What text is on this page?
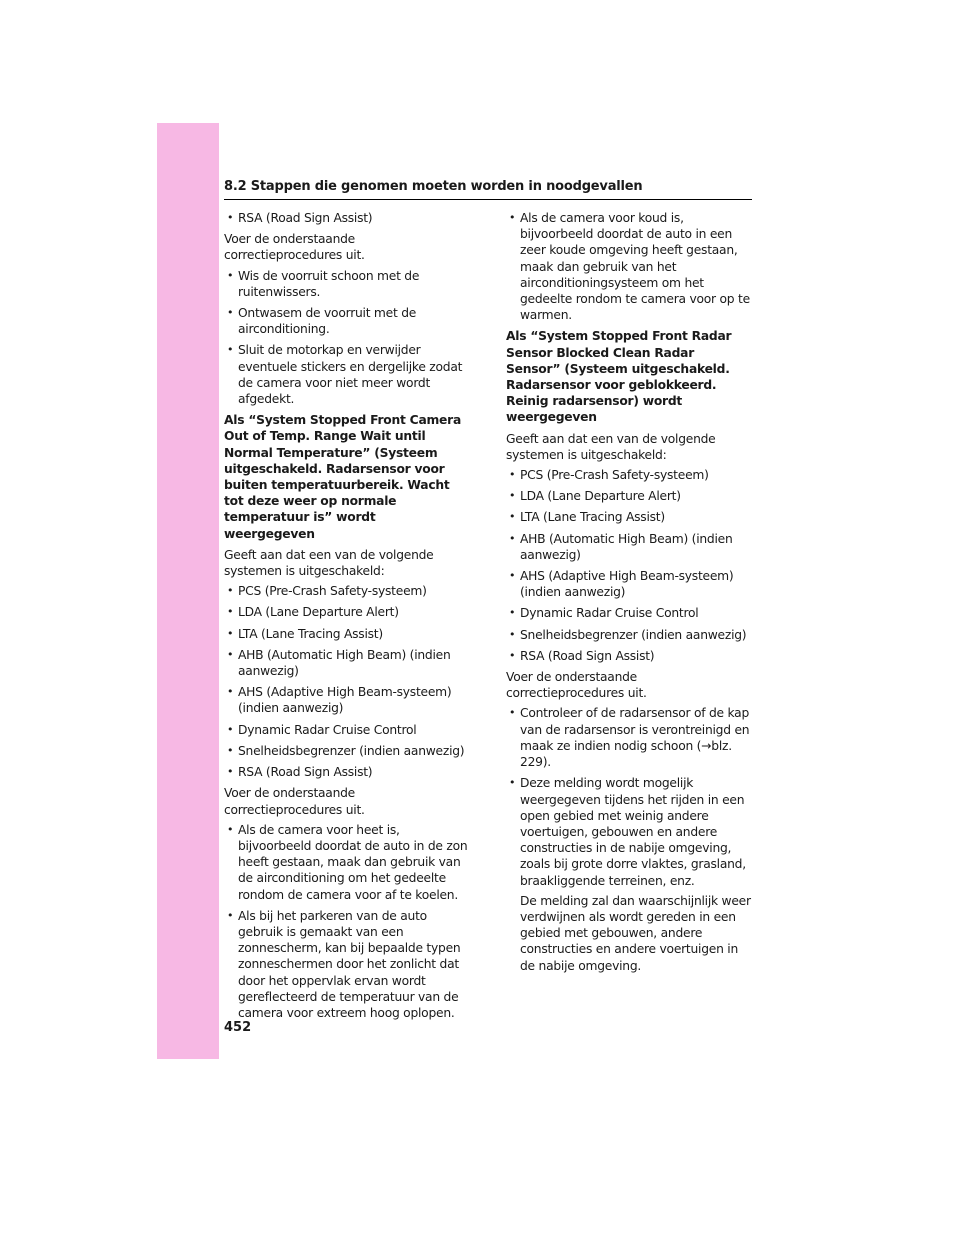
8.2 Stappen die genomen moeten worden in noodgevallen
• RSA (Road Sign Assist)

Voer de onderstaande correctieprocedures uit.

• Wis de voorruit schoon met de ruitenwissers.
• Ontwasem de voorruit met de airconditioning.
• Sluit de motorkap en verwijder eventuele stickers en dergelijke zodat de camera voor niet meer wordt afgedekt.
Als “System Stopped Front Camera Out of Temp. Range Wait until Normal Temperature” (Systeem uitgeschakeld. Radarsensor voor buiten temperatuurbereik. Wacht tot deze weer op normale temperatuur is” wordt weergegeven

Geeft aan dat een van de volgende systemen is uitgeschakeld:

• PCS (Pre-Crash Safety-systeem)
• LDA (Lane Departure Alert)
• LTA (Lane Tracing Assist)
• AHB (Automatic High Beam) (indien aanwezig)
• AHS (Adaptive High Beam-systeem) (indien aanwezig)
• Dynamic Radar Cruise Control
• Snelheidsbegrenzer (indien aanwezig)
• RSA (Road Sign Assist)

Voer de onderstaande correctieprocedures uit.

• Als de camera voor heet is, bijvoorbeeld doordat de auto in de zon heeft gestaan, maak dan gebruik van de airconditioning om het gedeelte rondom de camera voor af te koelen.
• Als bij het parkeren van de auto gebruik is gemaakt van een zonnescherm, kan bij bepaalde typen zonneschermen door het zonlicht dat door het oppervlak ervan wordt gereflecteerd de temperatuur van de camera voor extreem hoog oplopen.
• Als de camera voor koud is, bijvoorbeeld doordat de auto in een zeer koude omgeving heeft gestaan, maak dan gebruik van het airconditioningsysteem om het gedeelte rondom te camera voor op te warmen.
Als “System Stopped Front Radar Sensor Blocked Clean Radar Sensor” (Systeem uitgeschakeld. Radarsensor voor geblokkeerd. Reinig radarsensor) wordt weergegeven

Geeft aan dat een van de volgende systemen is uitgeschakeld:

• PCS (Pre-Crash Safety-systeem)
• LDA (Lane Departure Alert)
• LTA (Lane Tracing Assist)
• AHB (Automatic High Beam) (indien aanwezig)
• AHS (Adaptive High Beam-systeem) (indien aanwezig)
• Dynamic Radar Cruise Control
• Snelheidsbegrenzer (indien aanwezig)
• RSA (Road Sign Assist)

Voer de onderstaande correctieprocedures uit.

• Controleer of de radarsensor of de kap van de radarsensor is verontreinigd en maak ze indien nodig schoon (→blz. 229).
• Deze melding wordt mogelijk weergegeven tijdens het rijden in een open gebied met weinig andere voertuigen, gebouwen en andere constructies in de nabije omgeving, zoals bij grote dorre vlaktes, grasland, braakliggende terreinen, enz.
De melding zal dan waarschijnlijk weer verdwijnen als wordt gereden in een gebied met gebouwen, andere constructies en andere voertuigen in de nabije omgeving.
452
